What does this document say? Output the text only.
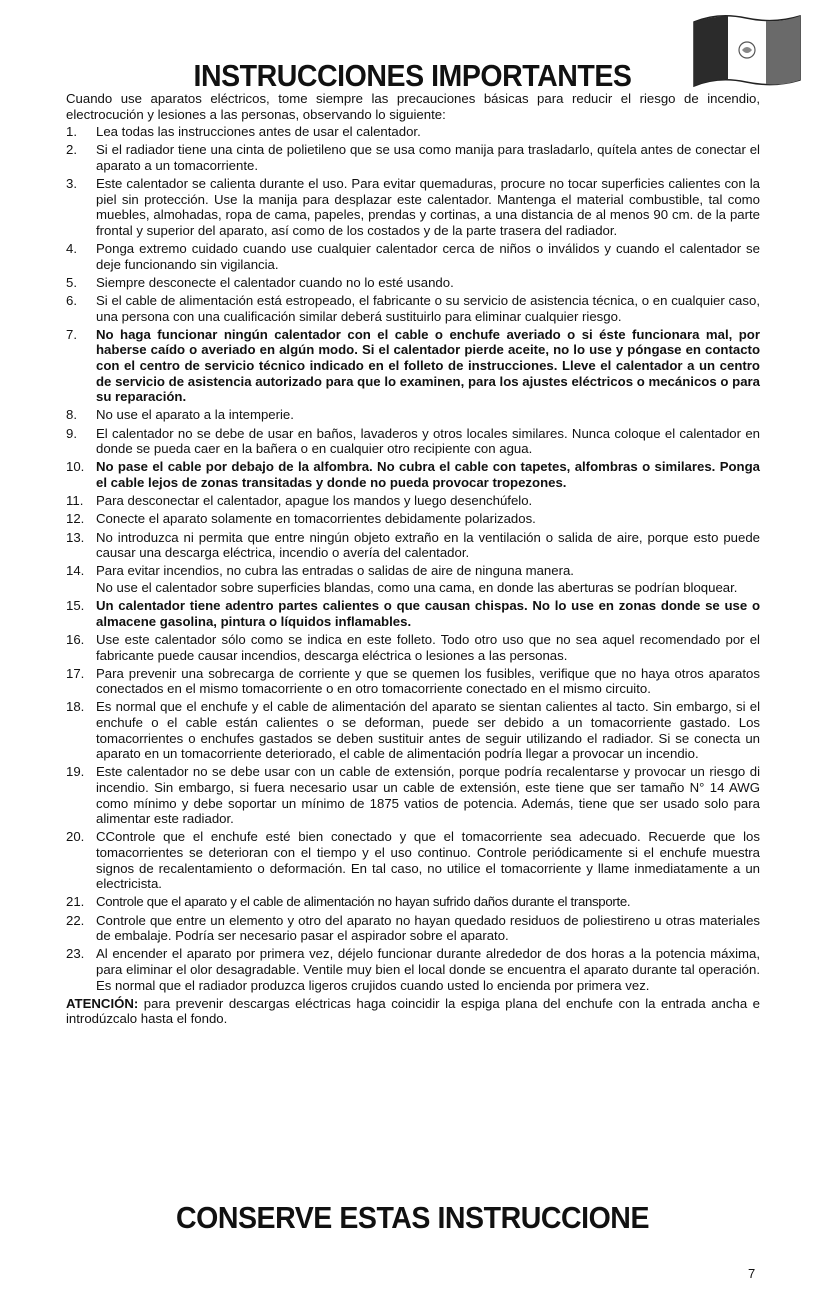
INSTRUCCIONES IMPORTANTES

Cuando use aparatos eléctricos, tome siempre las precauciones básicas para reducir el riesgo de incendio, electrocución y lesiones a las personas, observando lo siguiente:

1. Lea todas las instrucciones antes de usar el calentador.
2. Si el radiador tiene una cinta de polietileno que se usa como manija para trasladarlo, quítela antes de conectar el aparato a un tomacorriente.
3. Este calentador se calienta durante el uso. Para evitar quemaduras, procure no tocar superficies calientes con la piel sin protección. Use la manija para desplazar este calentador. Mantenga el material combustible, tal como muebles, almohadas, ropa de cama, papeles, prendas y cortinas, a una distancia de al menos 90 cm. de la parte frontal y superior del aparato, así como de los costados y de la parte trasera del radiador.
4. Ponga extremo cuidado cuando use cualquier calentador cerca de niños o inválidos y cuando el calentador se deje funcionando sin vigilancia.
5. Siempre desconecte el calentador cuando no lo esté usando.
6. Si el cable de alimentación está estropeado, el fabricante o su servicio de asistencia técnica, o en cualquier caso, una persona con una cualificación similar deberá sustituirlo para eliminar cualquier riesgo.
7. No haga funcionar ningún calentador con el cable o enchufe averiado o si éste funcionara mal, por haberse caído o averiado en algún modo. Si el calentador pierde aceite, no lo use y póngase en contacto con el centro de servicio técnico indicado en el folleto de instrucciones. Lleve el calentador a un centro de servicio de asistencia autorizado para que lo examinen, para los ajustes eléctricos o mecánicos o para su reparación.
8. No use el aparato a la intemperie.
9. El calentador no se debe de usar en baños, lavaderos y otros locales similares. Nunca coloque el calentador en donde se pueda caer en la bañera o en cualquier otro recipiente con agua.
10. No pase el cable por debajo de la alfombra. No cubra el cable con tapetes, alfombras o similares. Ponga el cable lejos de zonas transitadas y donde no pueda provocar tropezones.
11. Para desconectar el calentador, apague los mandos y luego desenchúfelo.
12. Conecte el aparato solamente en tomacorrientes debidamente polarizados.
13. No introduzca ni permita que entre ningún objeto extraño en la ventilación o salida de aire, porque esto puede causar una descarga eléctrica, incendio o avería del calentador.
14. Para evitar incendios, no cubra las entradas o salidas de aire de ninguna manera.
No use el calentador sobre superficies blandas, como una cama, en donde las aberturas se podrían bloquear.
15. Un calentador tiene adentro partes calientes o que causan chispas. No lo use en zonas donde se use o almacene gasolina, pintura o líquidos inflamables.
16. Use este calentador sólo como se indica en este folleto. Todo otro uso que no sea aquel recomendado por el fabricante puede causar incendios, descarga eléctrica o lesiones a las personas.
17. Para prevenir una sobrecarga de corriente y que se quemen los fusibles, verifique que no haya otros aparatos conectados en el mismo tomacorriente o en otro tomacorriente conectado en el mismo circuito.
18. Es normal que el enchufe y el cable de alimentación del aparato se sientan calientes al tacto. Sin embargo, si el enchufe o el cable están calientes o se deforman, puede ser debido a un tomacorriente gastado. Los tomacorrientes o enchufes gastados se deben sustituir antes de seguir utilizando el radiador. Si se conecta un aparato en un tomacorriente deteriorado, el cable de alimentación podría llegar a provocar un incendio.
19. Este calentador no se debe usar con un cable de extensión, porque podría recalentarse y provocar un riesgo di incendio. Sin embargo, si fuera necesario usar un cable de extensión, este tiene que ser tamaño N° 14 AWG como mínimo y debe soportar un mínimo de 1875 vatios de potencia. Además, tiene que ser usado solo para alimentar este radiador.
20. CControle que el enchufe esté bien conectado y que el tomacorriente sea adecuado. Recuerde que los tomacorrientes se deterioran con el tiempo y el uso continuo. Controle periódicamente si el enchufe muestra signos de recalentamiento o deformación. En tal caso, no utilice el tomacorriente y llame inmediatamente a un electricista.
21. Controle que el aparato y el cable de alimentación no hayan sufrido daños durante el transporte.
22. Controle que entre un elemento y otro del aparato no hayan quedado residuos de poliestireno u otras materiales de embalaje. Podría ser necesario pasar el aspirador sobre el aparato.
23. Al encender el aparato por primera vez, déjelo funcionar durante alrededor de dos horas a la potencia máxima, para eliminar el olor desagradable. Ventile muy bien el local donde se encuentra el aparato durante tal operación. Es normal que el radiador produzca ligeros crujidos cuando usted lo encienda por primera vez.

ATENCIÓN: para prevenir descargas eléctricas haga coincidir la espiga plana del enchufe con la entrada ancha e introdúzcalo hasta el fondo.

CONSERVE ESTAS INSTRUCCIONE
7
